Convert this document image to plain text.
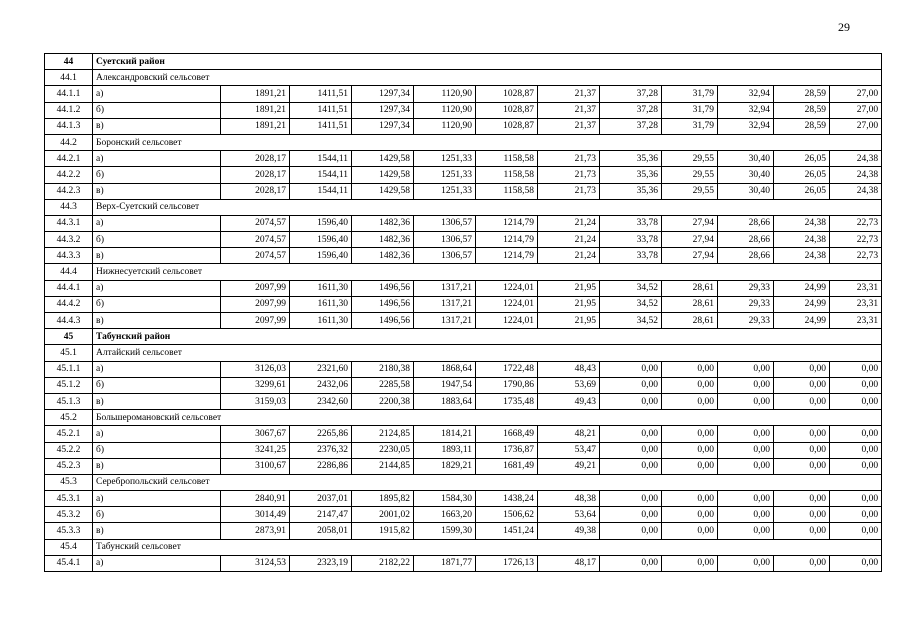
29
44	Суетский район											
44.1	Александровский сельсовет											
44.1.1	а)	1891,21	1411,51	1297,34	1120,90	1028,87	21,37	37,28	31,79	32,94	28,59	27,00
44.1.2	б)	1891,21	1411,51	1297,34	1120,90	1028,87	21,37	37,28	31,79	32,94	28,59	27,00
44.1.3	в)	1891,21	1411,51	1297,34	1120,90	1028,87	21,37	37,28	31,79	32,94	28,59	27,00
44.2	Боронский сельсовет											
44.2.1	а)	2028,17	1544,11	1429,58	1251,33	1158,58	21,73	35,36	29,55	30,40	26,05	24,38
44.2.2	б)	2028,17	1544,11	1429,58	1251,33	1158,58	21,73	35,36	29,55	30,40	26,05	24,38
44.2.3	в)	2028,17	1544,11	1429,58	1251,33	1158,58	21,73	35,36	29,55	30,40	26,05	24,38
44.3	Верх-Суетский сельсовет											
44.3.1	а)	2074,57	1596,40	1482,36	1306,57	1214,79	21,24	33,78	27,94	28,66	24,38	22,73
44.3.2	б)	2074,57	1596,40	1482,36	1306,57	1214,79	21,24	33,78	27,94	28,66	24,38	22,73
44.3.3	в)	2074,57	1596,40	1482,36	1306,57	1214,79	21,24	33,78	27,94	28,66	24,38	22,73
44.4	Нижнесуетский сельсовет											
44.4.1	а)	2097,99	1611,30	1496,56	1317,21	1224,01	21,95	34,52	28,61	29,33	24,99	23,31
44.4.2	б)	2097,99	1611,30	1496,56	1317,21	1224,01	21,95	34,52	28,61	29,33	24,99	23,31
44.4.3	в)	2097,99	1611,30	1496,56	1317,21	1224,01	21,95	34,52	28,61	29,33	24,99	23,31
45	Табунский район											
45.1	Алтайский сельсовет											
45.1.1	а)	3126,03	2321,60	2180,38	1868,64	1722,48	48,43	0,00	0,00	0,00	0,00	0,00
45.1.2	б)	3299,61	2432,06	2285,58	1947,54	1790,86	53,69	0,00	0,00	0,00	0,00	0,00
45.1.3	в)	3159,03	2342,60	2200,38	1883,64	1735,48	49,43	0,00	0,00	0,00	0,00	0,00
45.2	Большеромановский сельсовет											
45.2.1	а)	3067,67	2265,86	2124,85	1814,21	1668,49	48,21	0,00	0,00	0,00	0,00	0,00
45.2.2	б)	3241,25	2376,32	2230,05	1893,11	1736,87	53,47	0,00	0,00	0,00	0,00	0,00
45.2.3	в)	3100,67	2286,86	2144,85	1829,21	1681,49	49,21	0,00	0,00	0,00	0,00	0,00
45.3	Серебропольский сельсовет											
45.3.1	а)	2840,91	2037,01	1895,82	1584,30	1438,24	48,38	0,00	0,00	0,00	0,00	0,00
45.3.2	б)	3014,49	2147,47	2001,02	1663,20	1506,62	53,64	0,00	0,00	0,00	0,00	0,00
45.3.3	в)	2873,91	2058,01	1915,82	1599,30	1451,24	49,38	0,00	0,00	0,00	0,00	0,00
45.4	Табунский сельсовет											
45.4.1	а)	3124,53	2323,19	2182,22	1871,77	1726,13	48,17	0,00	0,00	0,00	0,00	0,00
